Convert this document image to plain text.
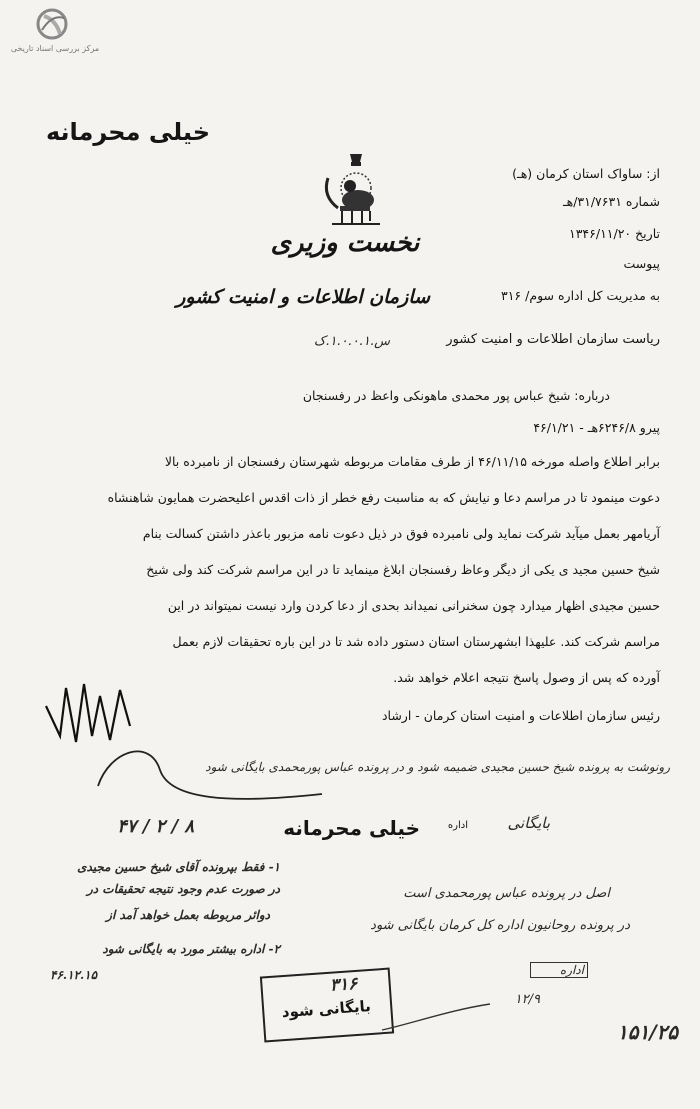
مرکز بررسی اسناد تاریخی
خیلی محرمانه
نخست وزیری
سازمان اطلاعات و امنیت کشور	به مدیریت کل اداره سوم/ ۳۱۶
از: ساواک استان کرمان (هـ)
شماره ۳۱/۷۶۳۱/هـ
تاریخ ۱۳۴۶/۱۱/۲۰
پیوست
ریاست سازمان اطلاعات و امنیت کشور
س.۱.۰.۰.۱.ک
درباره: شیخ عباس پور محمدی ماهونکی واعظ در رفسنجان
پیرو ۶۲۴۶/۸هـ - ۴۶/۱/۲۱
برابر اطلاع واصله مورخه ۴۶/۱۱/۱۵ از طرف مقامات مربوطه شهرستان رفسنجان از نامبرده بالا
دعوت مینمود تا در مراسم دعا و نیایش که به مناسبت رفع خطر از ذات اقدس اعلیحضرت همایون شاهنشاه
آریامهر بعمل میآید شرکت نماید ولی نامبرده فوق در ذیل دعوت نامه مزبور باعذر داشتن کسالت بنام
شیخ حسین مجید ی یکی از دیگر وعاظ رفسنجان ابلاغ مینماید تا در این مراسم شرکت کند ولی شیخ
حسین مجیدی اظهار میدارد چون سخنرانی نمیداند بحدی از دعا کردن وارد نیست نمیتواند در این
مراسم شرکت کند. علیهذا ابشهرستان استان دستور داده شد تا در این باره تحقیقات لازم بعمل
آورده که پس از وصول پاسخ نتیجه اعلام خواهد شد.
رئیس سازمان اطلاعات و امنیت استان کرمان - ارشاد
رونوشت به پرونده شیخ حسین مجیدی ضمیمه شود و در پرونده عباس پورمحمدی بایگانی شود
۸ / ۲ / ۴۷	خیلی محرمانه	اداره	بایگانی
اصل در پرونده عباس پورمحمدی است
در پرونده روحانیون اداره کل کرمان بایگانی شود
۱- فقط بپرونده آقای شیخ حسین مجیدی
در صورت عدم وجود نتیجه تحقیقات در
دوائر مربوطه بعمل خواهد آمد از
۲- اداره بیشتر مورد به بایگانی شود
۴۶.۱۲.۱۵	اداره
۱۲/۹
۳۱۶
بایگانی شود
۱۵۱/۲۵
